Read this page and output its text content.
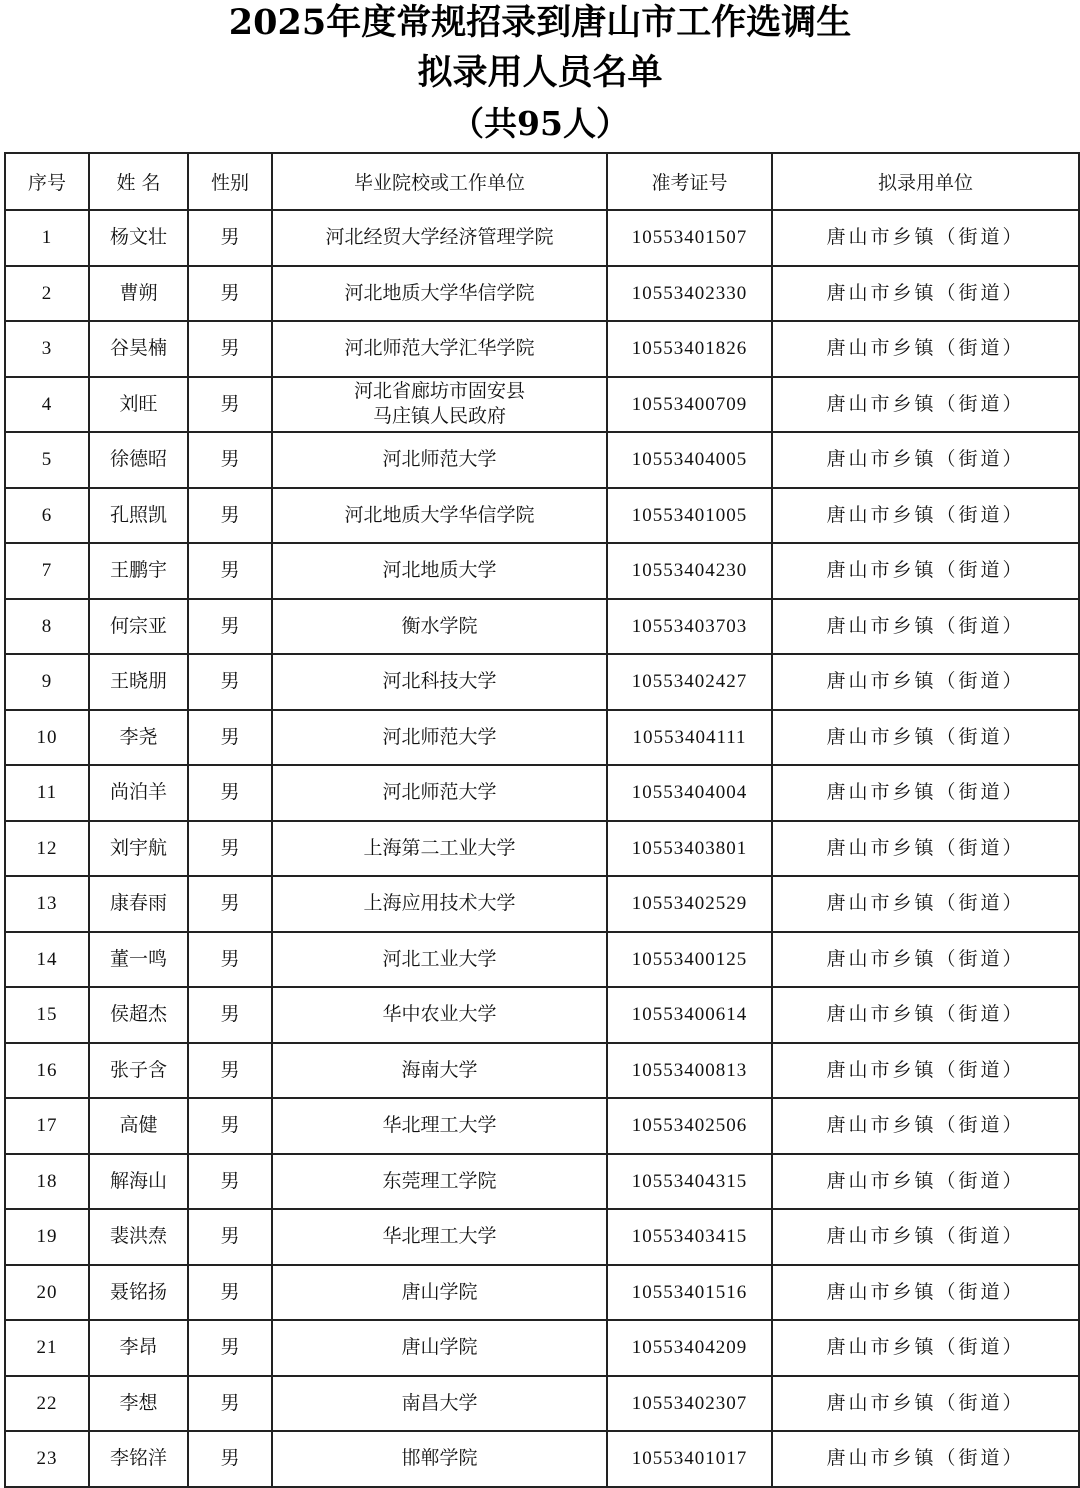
2025年度常规招录到唐山市工作选调生
拟录用人员名单
（共95人）
序号	姓 名	性别	毕业院校或工作单位	准考证号	拟录用单位
1	杨文壮	男	河北经贸大学经济管理学院	10553401507	唐山市乡镇（街道）
2	曹朔	男	河北地质大学华信学院	10553402330	唐山市乡镇（街道）
3	谷昊楠	男	河北师范大学汇华学院	10553401826	唐山市乡镇（街道）
4	刘旺	男	河北省廊坊市固安县
马庄镇人民政府	10553400709	唐山市乡镇（街道）
5	徐德昭	男	河北师范大学	10553404005	唐山市乡镇（街道）
6	孔照凯	男	河北地质大学华信学院	10553401005	唐山市乡镇（街道）
7	王鹏宇	男	河北地质大学	10553404230	唐山市乡镇（街道）
8	何宗亚	男	衡水学院	10553403703	唐山市乡镇（街道）
9	王晓朋	男	河北科技大学	10553402427	唐山市乡镇（街道）
10	李尧	男	河北师范大学	10553404111	唐山市乡镇（街道）
11	尚泊羊	男	河北师范大学	10553404004	唐山市乡镇（街道）
12	刘宇航	男	上海第二工业大学	10553403801	唐山市乡镇（街道）
13	康春雨	男	上海应用技术大学	10553402529	唐山市乡镇（街道）
14	董一鸣	男	河北工业大学	10553400125	唐山市乡镇（街道）
15	侯超杰	男	华中农业大学	10553400614	唐山市乡镇（街道）
16	张子含	男	海南大学	10553400813	唐山市乡镇（街道）
17	高健	男	华北理工大学	10553402506	唐山市乡镇（街道）
18	解海山	男	东莞理工学院	10553404315	唐山市乡镇（街道）
19	裴洪焘	男	华北理工大学	10553403415	唐山市乡镇（街道）
20	聂铭扬	男	唐山学院	10553401516	唐山市乡镇（街道）
21	李昂	男	唐山学院	10553404209	唐山市乡镇（街道）
22	李想	男	南昌大学	10553402307	唐山市乡镇（街道）
23	李铭洋	男	邯郸学院	10553401017	唐山市乡镇（街道）
